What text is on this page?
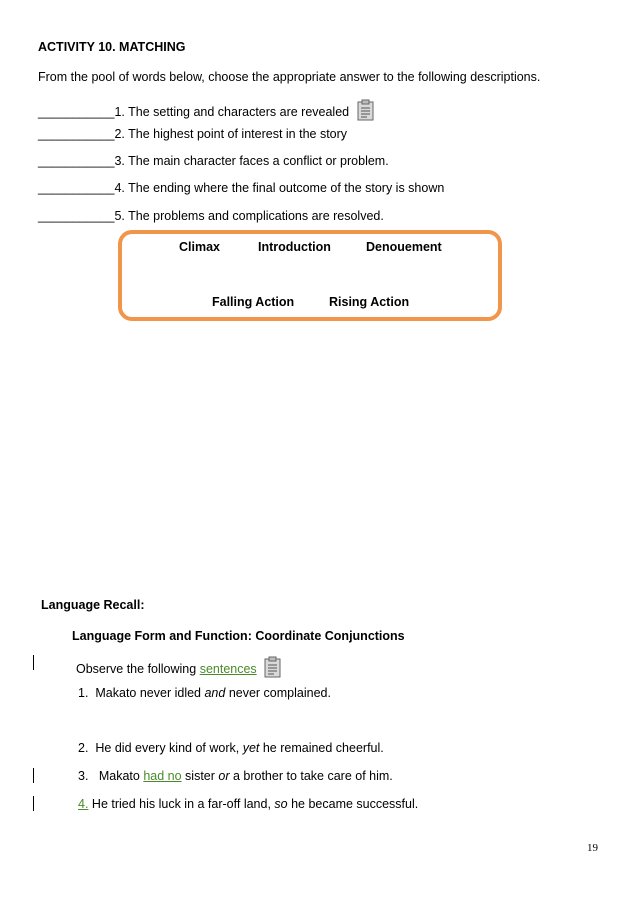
ACTIVITY 10. MATCHING
From the pool of words below, choose the appropriate answer to the following descriptions.
___________1. The setting and characters are revealed
___________2. The highest point of interest in the story
___________3. The main character faces a conflict or problem.
___________4. The ending where the final outcome of the story is shown
___________5. The problems and complications are resolved.
Climax	Introduction	Denouement
Falling Action	Rising Action
Language Recall:
Language Form and Function: Coordinate Conjunctions
Observe the following sentences
1. Makato never idled and never complained.
2. He did every kind of work, yet he remained cheerful.
3. Makato had no sister or a brother to take care of him.
4. He tried his luck in a far-off land, so he became successful.
19
